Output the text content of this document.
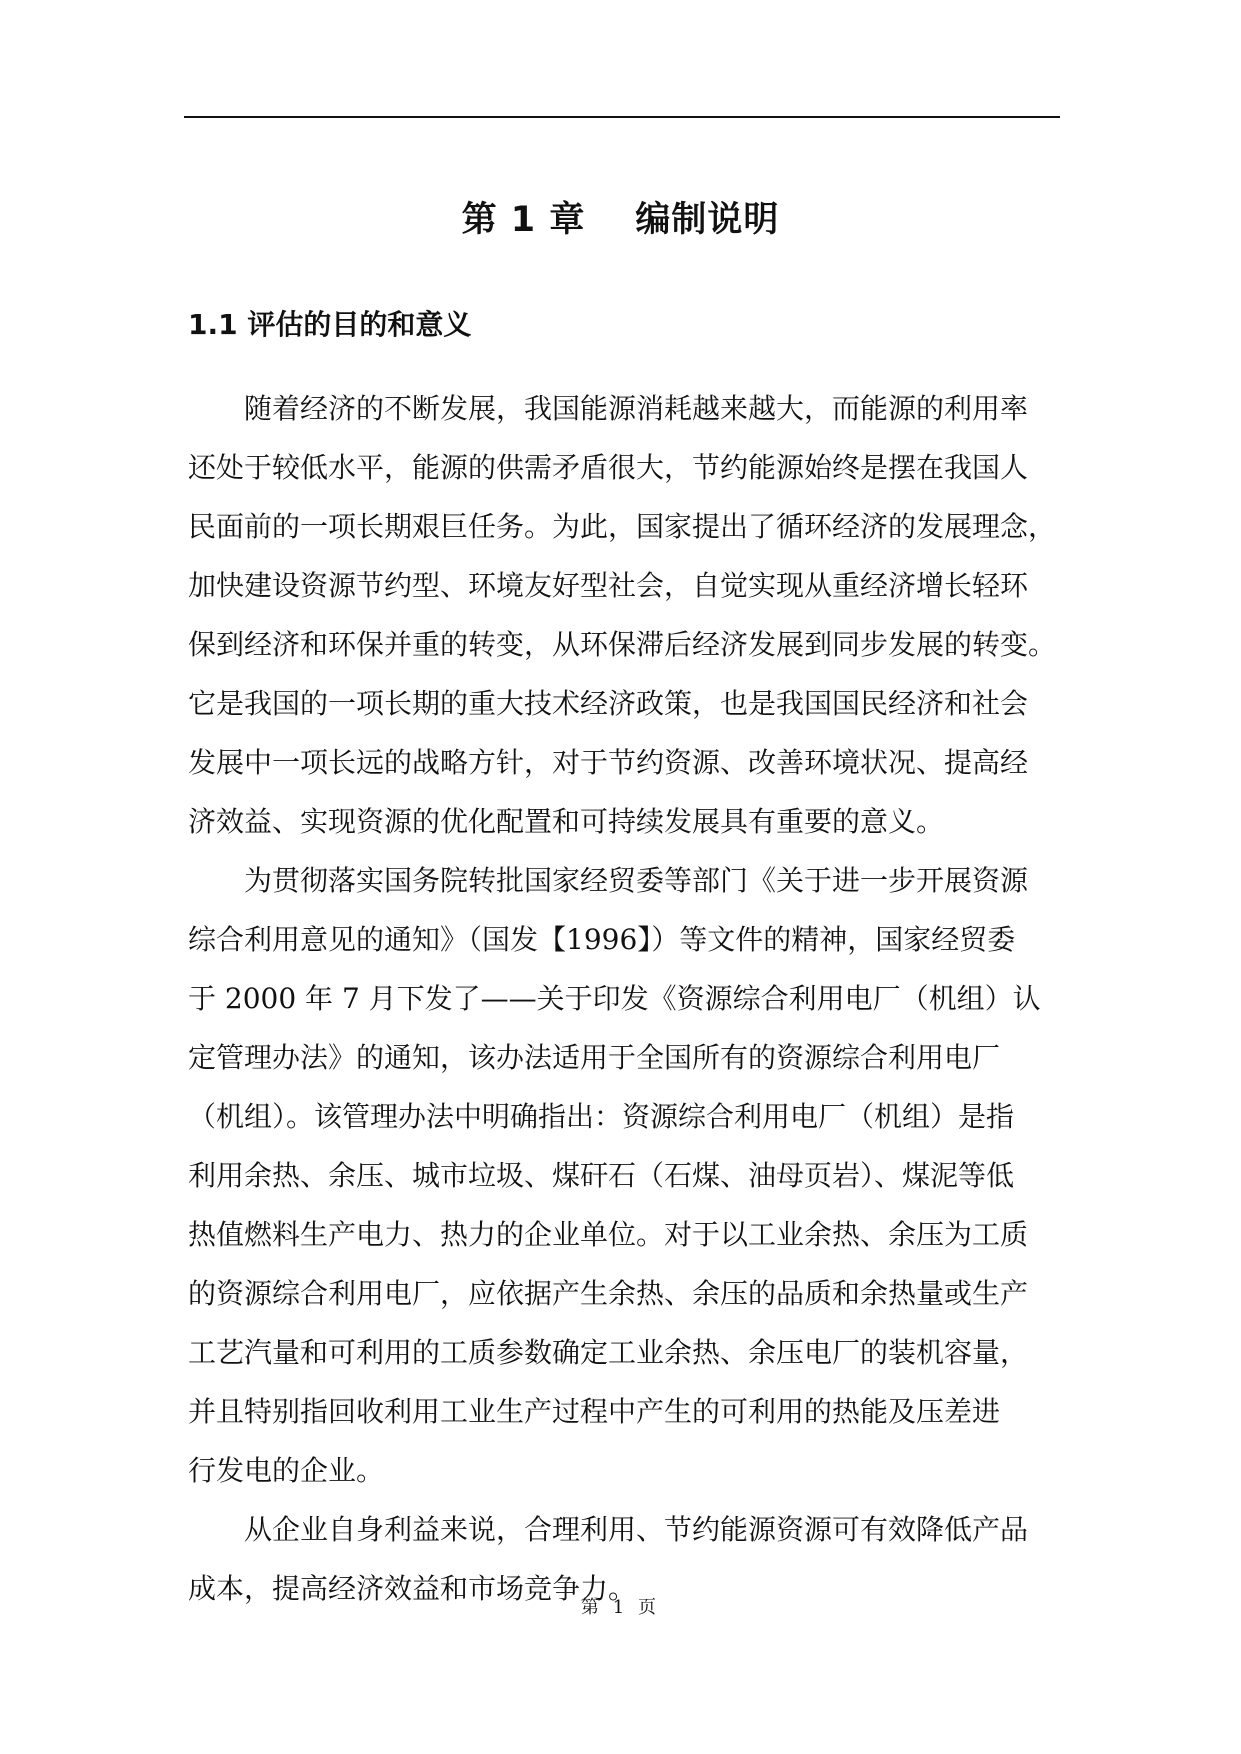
第 1 章 编制说明
1.1 评估的目的和意义

随着经济的不断发展，我国能源消耗越来越大，而能源的利用率
还处于较低水平，能源的供需矛盾很大，节约能源始终是摆在我国人
民面前的一项长期艰巨任务。为此，国家提出了循环经济的发展理念，
加快建设资源节约型、环境友好型社会，自觉实现从重经济增长轻环
保到经济和环保并重的转变，从环保滞后经济发展到同步发展的转变。
它是我国的一项长期的重大技术经济政策，也是我国国民经济和社会
发展中一项长远的战略方针，对于节约资源、改善环境状况、提高经
济效益、实现资源的优化配置和可持续发展具有重要的意义。

为贯彻落实国务院转批国家经贸委等部门《关于进一步开展资源
综合利用意见的通知》（国发【1996】）等文件的精神，国家经贸委
于 2000 年 7 月下发了——关于印发《资源综合利用电厂（机组）认
定管理办法》的通知，该办法适用于全国所有的资源综合利用电厂
（机组）。该管理办法中明确指出：资源综合利用电厂（机组）是指
利用余热、余压、城市垃圾、煤矸石（石煤、油母页岩）、煤泥等低
热值燃料生产电力、热力的企业单位。对于以工业余热、余压为工质
的资源综合利用电厂，应依据产生余热、余压的品质和余热量或生产
工艺汽量和可利用的工质参数确定工业余热、余压电厂的装机容量，
并且特别指回收利用工业生产过程中产生的可利用的热能及压差进
行发电的企业。

从企业自身利益来说，合理利用、节约能源资源可有效降低产品
成本，提高经济效益和市场竞争力。

第 1 页
